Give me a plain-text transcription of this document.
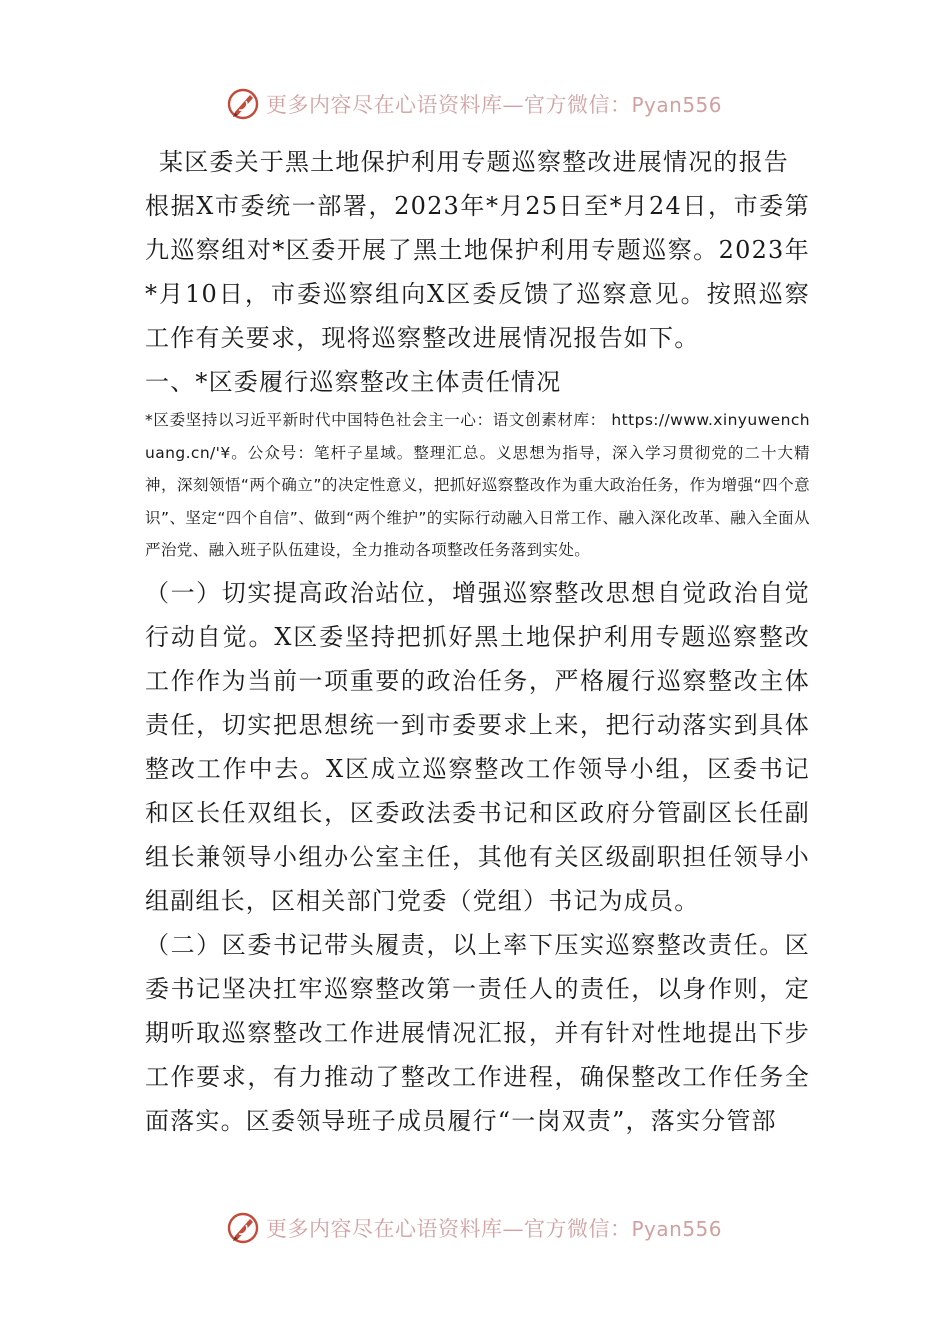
更多内容尽在心语资料库—官方微信：Pyan556

某区委关于黑土地保护利用专题巡察整改进展情况的报告

根据X市委统一部署，2023年*月25日至*月24日，市委第九巡察组对*区委开展了黑土地保护利用专题巡察。2023年*月10日，市委巡察组向X区委反馈了巡察意见。按照巡察工作有关要求，现将巡察整改进展情况报告如下。

一、*区委履行巡察整改主体责任情况

*区委坚持以习近平新时代中国特色社会主一心：语文创素材库： https://www.xinyuwenchuang.cn/'¥。公众号：笔杆子星域。整理汇总。义思想为指导，深入学习贯彻党的二十大精神，深刻领悟“两个确立”的决定性意义，把抓好巡察整改作为重大政治任务，作为增强“四个意识”、坚定“四个自信”、做到“两个维护”的实际行动融入日常工作、融入深化改革、融入全面从严治党、融入班子队伍建设，全力推动各项整改任务落到实处。

（一）切实提高政治站位，增强巡察整改思想自觉政治自觉行动自觉。X区委坚持把抓好黑土地保护利用专题巡察整改工作作为当前一项重要的政治任务，严格履行巡察整改主体责任，切实把思想统一到市委要求上来，把行动落实到具体整改工作中去。X区成立巡察整改工作领导小组，区委书记和区长任双组长，区委政法委书记和区政府分管副区长任副组长兼领导小组办公室主任，其他有关区级副职担任领导小组副组长，区相关部门党委（党组）书记为成员。

（二）区委书记带头履责，以上率下压实巡察整改责任。区委书记坚决扛牢巡察整改第一责任人的责任，以身作则，定期听取巡察整改工作进展情况汇报，并有针对性地提出下步工作要求，有力推动了整改工作进程，确保整改工作任务全面落实。区委领导班子成员履行“一岗双责”，落实分管部

更多内容尽在心语资料库—官方微信：Pyan556
